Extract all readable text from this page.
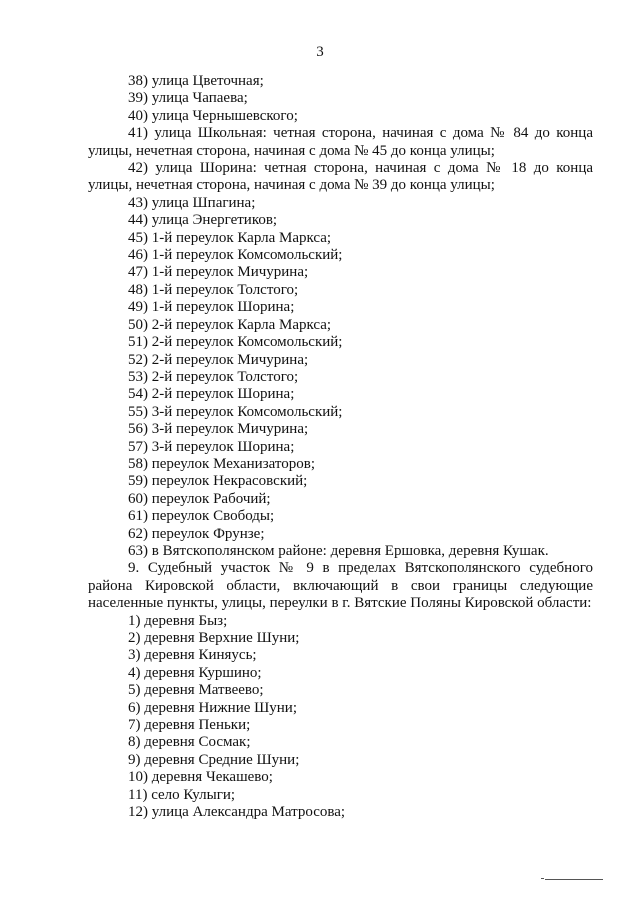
3
38) улица Цветочная;
39) улица Чапаева;
40) улица Чернышевского;
41) улица Школьная: четная сторона, начиная с дома № 84 до конца улицы, нечетная сторона, начиная с дома № 45 до конца улицы;
42) улица Шорина: четная сторона, начиная с дома № 18 до конца улицы, нечетная сторона, начиная с дома № 39 до конца улицы;
43) улица Шпагина;
44) улица Энергетиков;
45) 1-й переулок Карла Маркса;
46) 1-й переулок Комсомольский;
47) 1-й переулок Мичурина;
48) 1-й переулок Толстого;
49) 1-й переулок Шорина;
50) 2-й переулок Карла Маркса;
51) 2-й переулок Комсомольский;
52) 2-й переулок Мичурина;
53) 2-й переулок Толстого;
54) 2-й переулок Шорина;
55) 3-й переулок Комсомольский;
56) 3-й переулок Мичурина;
57) 3-й переулок Шорина;
58) переулок Механизаторов;
59) переулок Некрасовский;
60) переулок Рабочий;
61) переулок Свободы;
62) переулок Фрунзе;
63) в Вятскополянском районе: деревня Ершовка, деревня Кушак.
9. Судебный участок № 9 в пределах Вятскополянского судебного района Кировской области, включающий в свои границы следующие населенные пункты, улицы, переулки в г. Вятские Поляны Кировской области:
1) деревня Быз;
2) деревня Верхние Шуни;
3) деревня Киняусь;
4) деревня Куршино;
5) деревня Матвеево;
6) деревня Нижние Шуни;
7) деревня Пеньки;
8) деревня Сосмак;
9) деревня Средние Шуни;
10) деревня Чекашево;
11) село Кулыги;
12) улица Александра Матросова;
